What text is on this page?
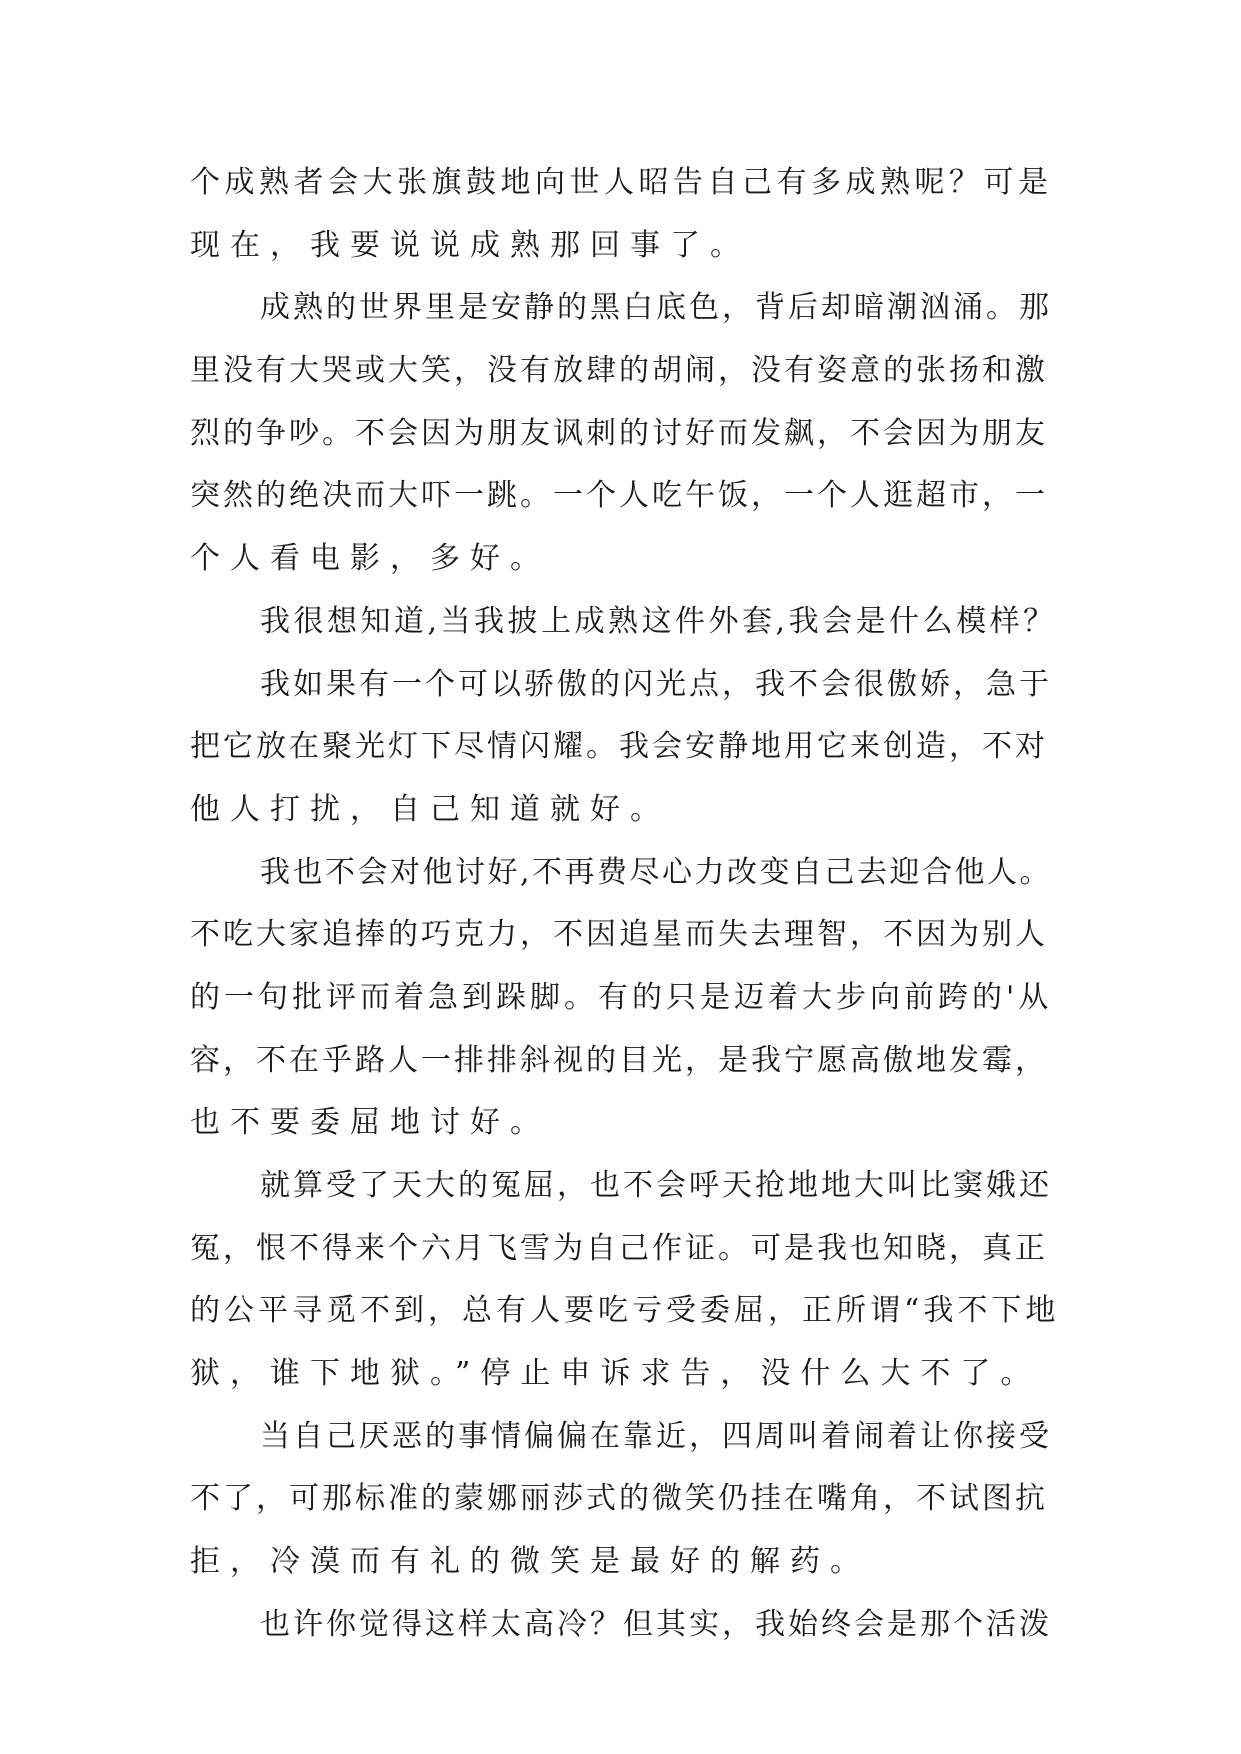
个成熟者会大张旗鼓地向世人昭告自己有多成熟呢？可是
现在，我要说说成熟那回事了。
成熟的世界里是安静的黑白底色，背后却暗潮汹涌。那
里没有大哭或大笑，没有放肆的胡闹，没有姿意的张扬和激
烈的争吵。不会因为朋友讽刺的讨好而发飙，不会因为朋友
突然的绝决而大吓一跳。一个人吃午饭，一个人逛超市，一
个人看电影，多好。
我很想知道,当我披上成熟这件外套,我会是什么模样？
我如果有一个可以骄傲的闪光点，我不会很傲娇，急于
把它放在聚光灯下尽情闪耀。我会安静地用它来创造，不对
他人打扰，自己知道就好。
我也不会对他讨好,不再费尽心力改变自己去迎合他人。
不吃大家追捧的巧克力，不因追星而失去理智，不因为别人
的一句批评而着急到跺脚。有的只是迈着大步向前跨的'从
容，不在乎路人一排排斜视的目光，是我宁愿高傲地发霉，
也不要委屈地讨好。
就算受了天大的冤屈，也不会呼天抢地地大叫比窦娥还
冤，恨不得来个六月飞雪为自己作证。可是我也知晓，真正
的公平寻觅不到，总有人要吃亏受委屈，正所谓“我不下地
狱，谁下地狱。”停止申诉求告，没什么大不了。
当自己厌恶的事情偏偏在靠近，四周叫着闹着让你接受
不了，可那标准的蒙娜丽莎式的微笑仍挂在嘴角，不试图抗
拒，冷漠而有礼的微笑是最好的解药。
也许你觉得这样太高冷？但其实，我始终会是那个活泼
